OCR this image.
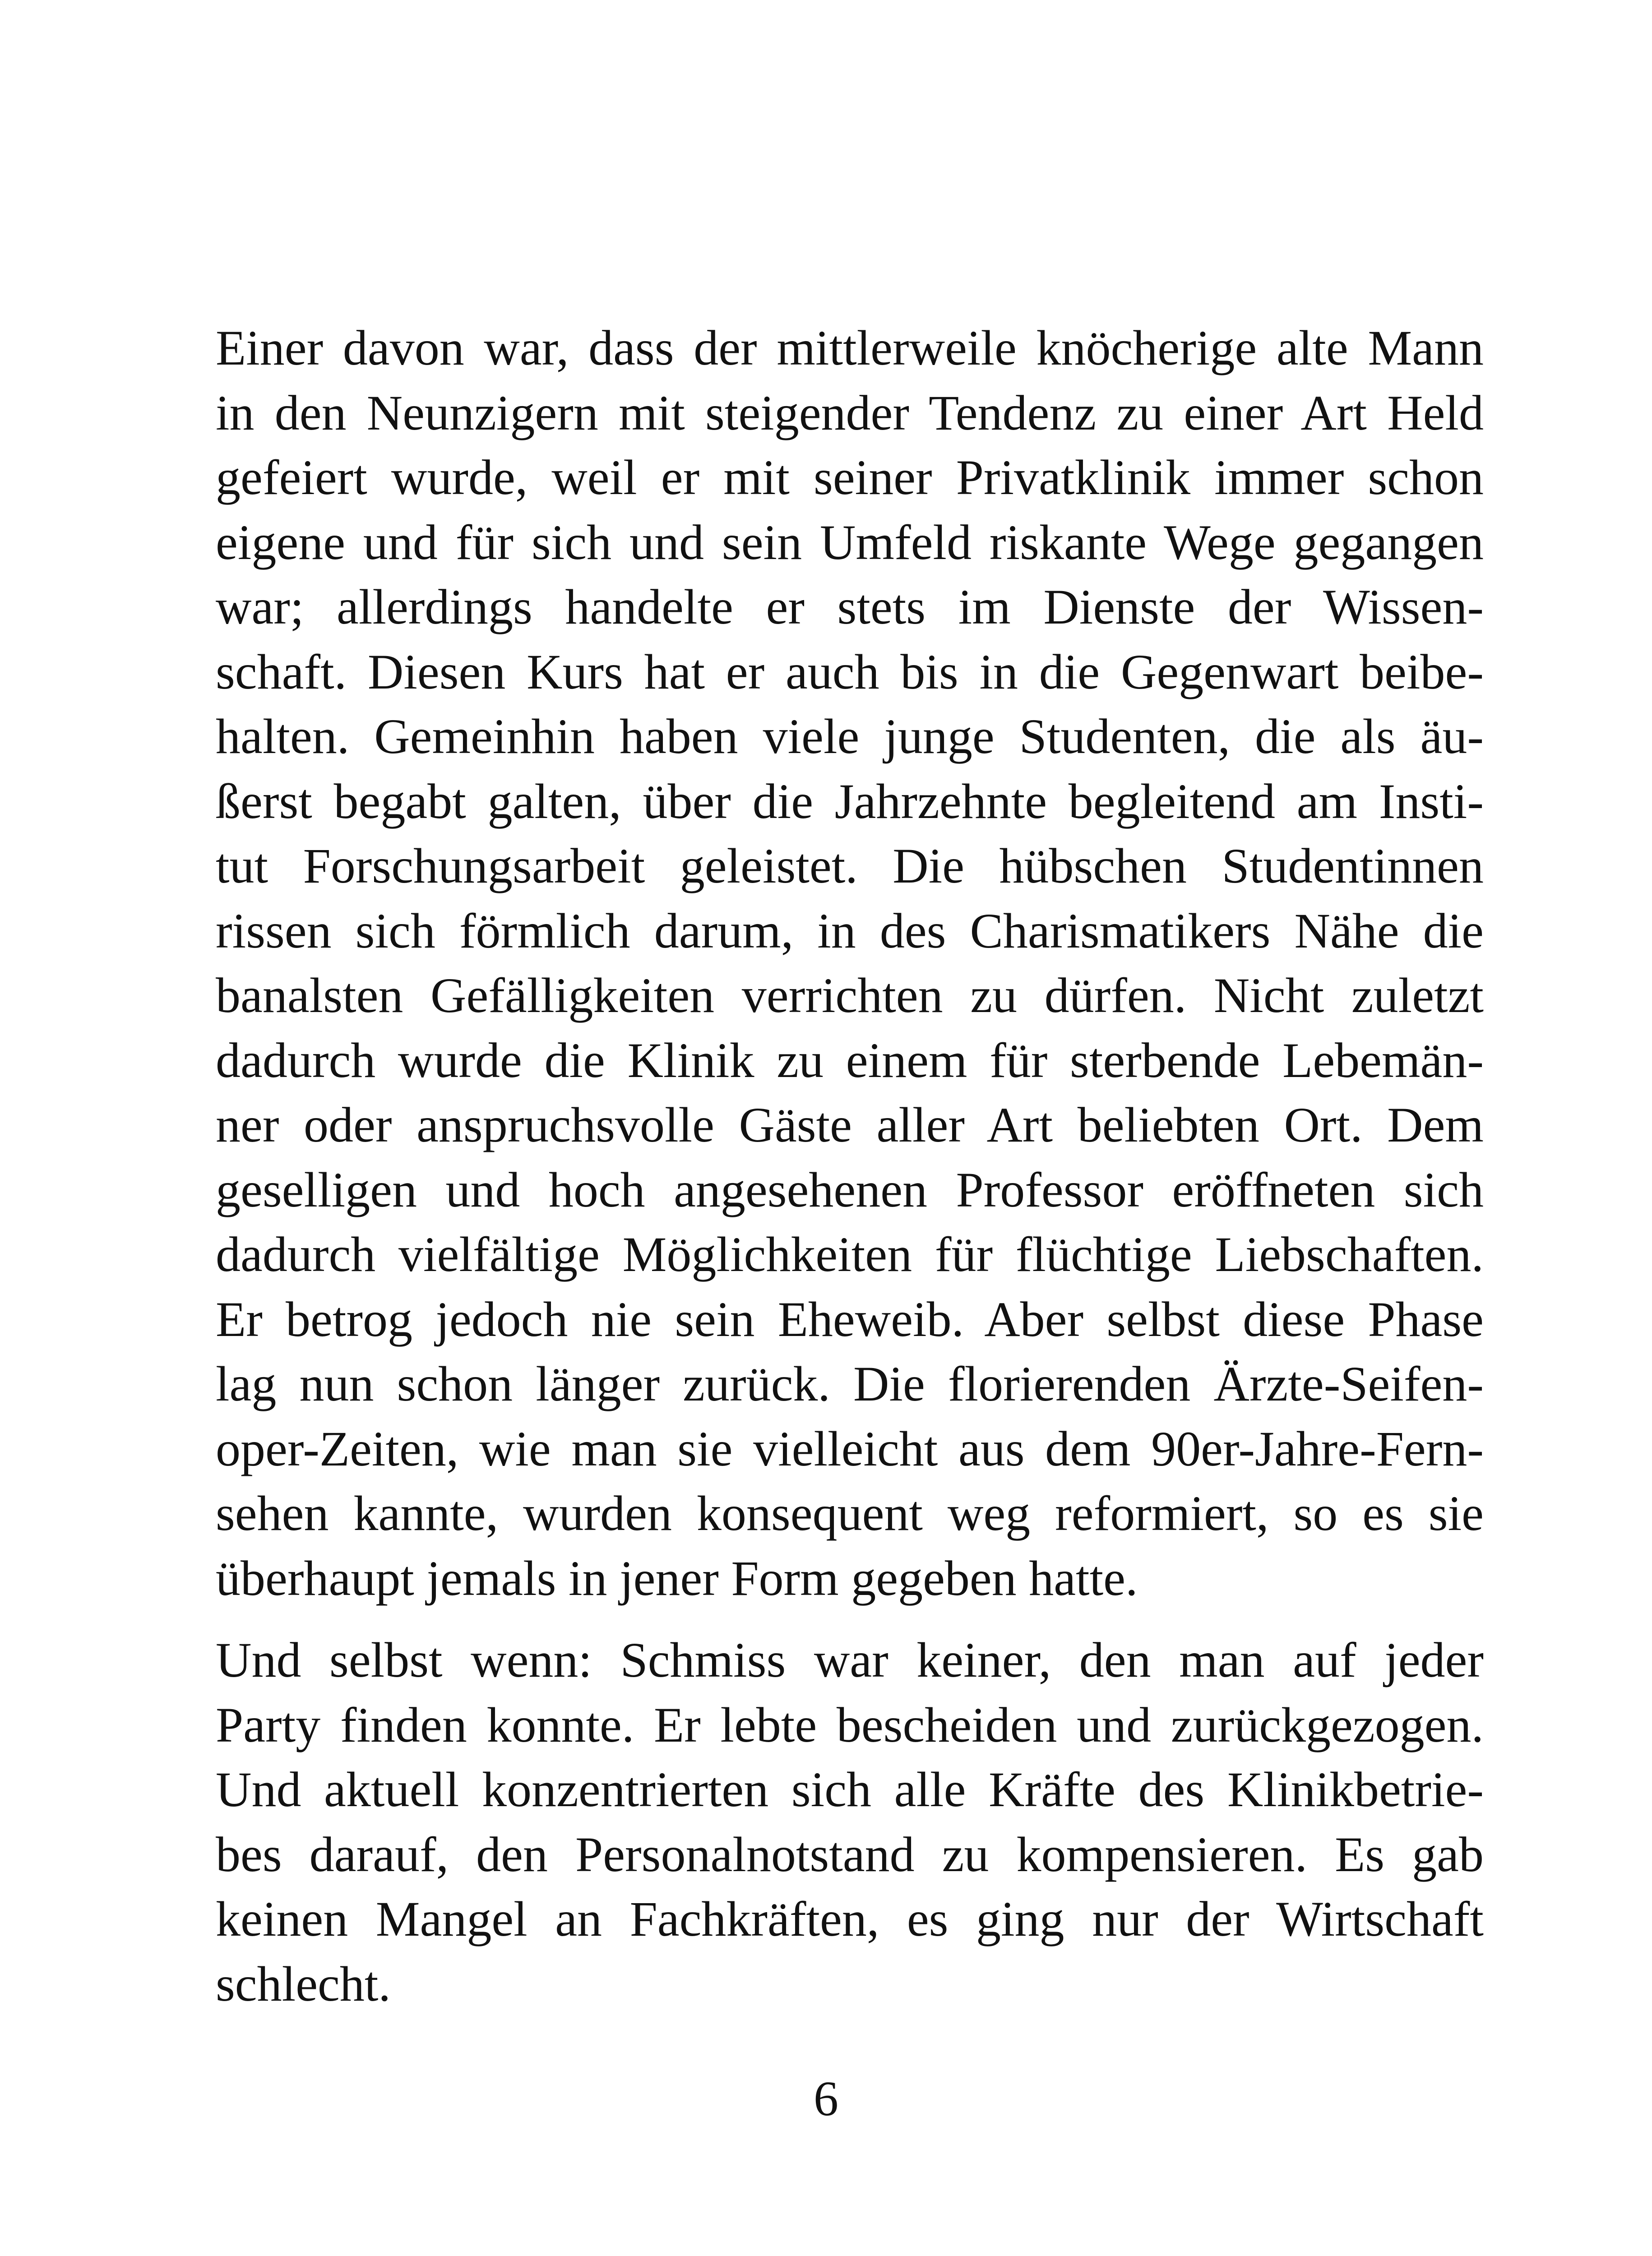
Einer davon war, dass der mittlerweile knöcherige alte Mann
in den Neunzigern mit steigender Tendenz zu einer Art Held
gefeiert wurde, weil er mit seiner Privatklinik immer schon
eigene und für sich und sein Umfeld riskante Wege gegangen
war; allerdings handelte er stets im Dienste der Wissen-
schaft. Diesen Kurs hat er auch bis in die Gegenwart beibe-
halten. Gemeinhin haben viele junge Studenten, die als äu-
ßerst begabt galten, über die Jahrzehnte begleitend am Insti-
tut Forschungsarbeit geleistet. Die hübschen Studentinnen
rissen sich förmlich darum, in des Charismatikers Nähe die
banalsten Gefälligkeiten verrichten zu dürfen. Nicht zuletzt
dadurch wurde die Klinik zu einem für sterbende Lebemän-
ner oder anspruchsvolle Gäste aller Art beliebten Ort. Dem
geselligen und hoch angesehenen Professor eröffneten sich
dadurch vielfältige Möglichkeiten für flüchtige Liebschaften.
Er betrog jedoch nie sein Eheweib. Aber selbst diese Phase
lag nun schon länger zurück. Die florierenden Ärzte-Seifen-
oper-Zeiten, wie man sie vielleicht aus dem 90er-Jahre-Fern-
sehen kannte, wurden konsequent weg reformiert, so es sie
überhaupt jemals in jener Form gegeben hatte.
Und selbst wenn: Schmiss war keiner, den man auf jeder
Party finden konnte. Er lebte bescheiden und zurückgezogen.
Und aktuell konzentrierten sich alle Kräfte des Klinikbetrie-
bes darauf, den Personalnotstand zu kompensieren. Es gab
keinen Mangel an Fachkräften, es ging nur der Wirtschaft
schlecht.
6
